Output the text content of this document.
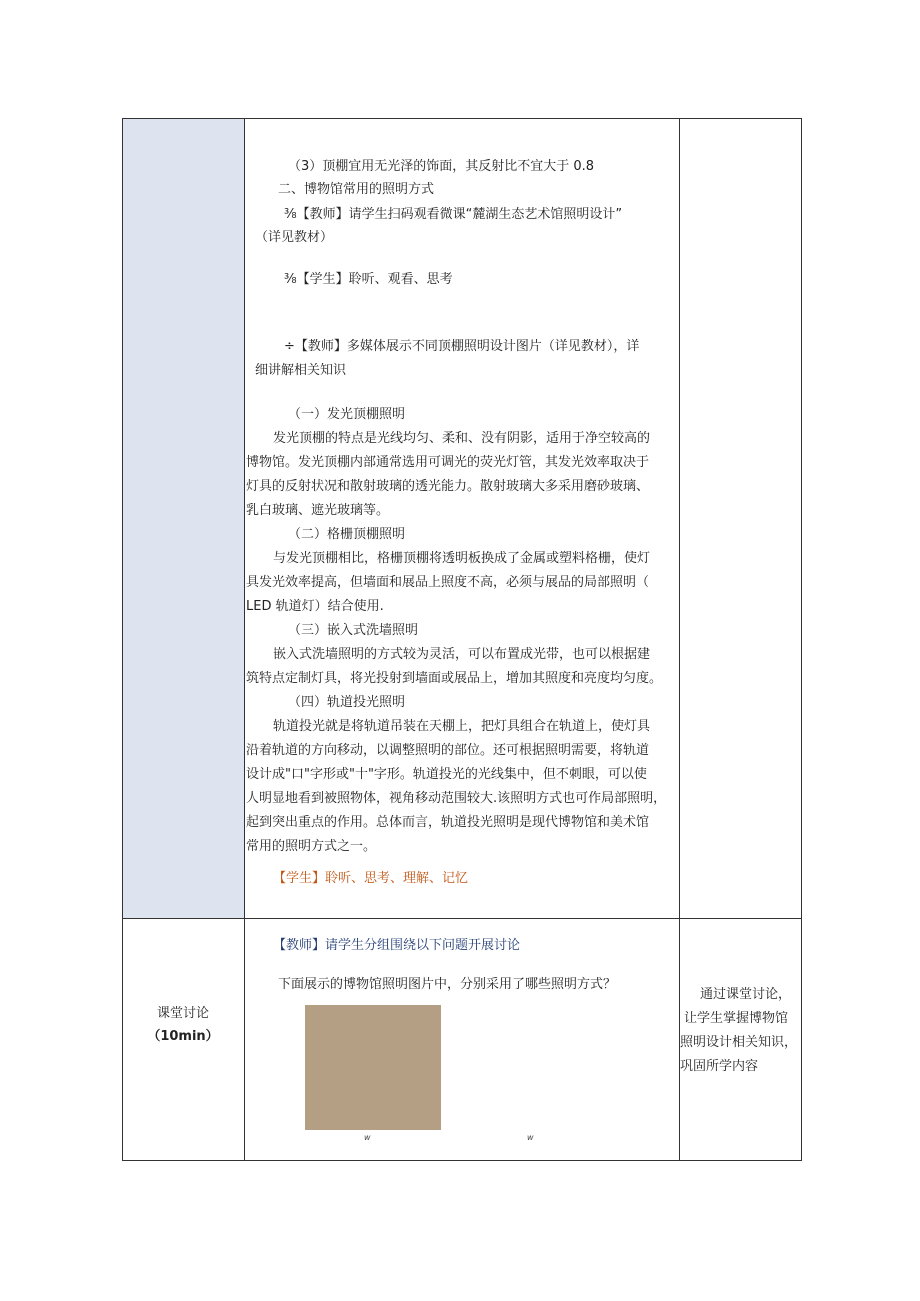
（3）顶棚宜用无光泽的饰面，其反射比不宜大于 0.8
二、博物馆常用的照明方式
⅜【教师】请学生扫码观看微课“麓湖生态艺术馆照明设计”
（详见教材）
⅜【学生】聆听、观看、思考
÷【教师】多媒体展示不同顶棚照明设计图片（详见教材），详
细讲解相关知识
（一）发光顶棚照明
发光顶棚的特点是光线均匀、柔和、没有阴影，适用于净空较高的
博物馆。发光顶棚内部通常选用可调光的荧光灯管，其发光效率取决于
灯具的反射状况和散射玻璃的透光能力。散射玻璃大多采用磨砂玻璃、
乳白玻璃、遮光玻璃等。
（二）格栅顶棚照明
与发光顶棚相比，格栅顶棚将透明板换成了金属或塑料格栅，使灯
具发光效率提高，但墙面和展品上照度不高，必须与展品的局部照明（
LED 轨道灯）结合使用.
（三）嵌入式洗墙照明
嵌入式洗墙照明的方式较为灵活，可以布置成光带，也可以根据建
筑特点定制灯具，将光投射到墙面或展品上，增加其照度和亮度均匀度。
（四）轨道投光照明
轨道投光就是将轨道吊装在天棚上，把灯具组合在轨道上，使灯具
沿着轨道的方向移动，以调整照明的部位。还可根据照明需要，将轨道
设计成"口"字形或"十"字形。轨道投光的光线集中，但不刺眼，可以使
人明显地看到被照物体，视角移动范围较大.该照明方式也可作局部照明，
起到突出重点的作用。总体而言，轨道投光照明是现代博物馆和美术馆
常用的照明方式之一。
【学生】聆听、思考、理解、记忆
课堂讨论
（10min）
【教师】请学生分组围绕以下问题开展讨论
下面展示的博物馆照明图片中，分别采用了哪些照明方式？
w	w
通过课堂讨论，
让学生掌握博物馆
照明设计相关知识，
巩固所学内容
